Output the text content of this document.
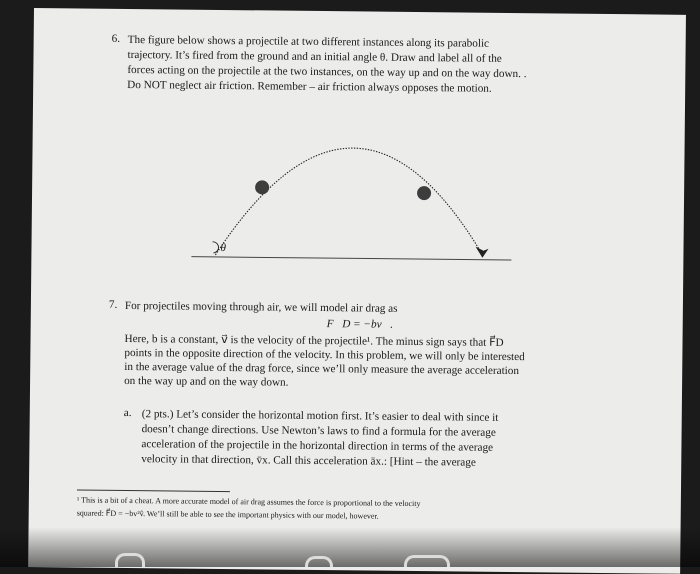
6. The figure below shows a projectile at two different instances along its parabolic
trajectory. It’s fired from the ground and an initial angle θ. Draw and label all of the
forces acting on the projectile at the two instances, on the way up and on the way down. .
Do NOT neglect air friction. Remember – air friction always opposes the motion.
θ
7. For projectiles moving through air, we will model air drag as
F⃗D = −bv⃗.
Here, b is a constant, v⃗ is the velocity of the projectile¹. The minus sign says that F⃗D
points in the opposite direction of the velocity. In this problem, we will only be interested
in the average value of the drag force, since we’ll only measure the average acceleration
on the way up and on the way down.
a. (2 pts.) Let’s consider the horizontal motion first. It’s easier to deal with since it
doesn’t change directions. Use Newton’s laws to find a formula for the average
acceleration of the projectile in the horizontal direction in terms of the average
velocity in that direction, v̄x. Call this acceleration āx.: [Hint – the average
¹ This is a bit of a cheat. A more accurate model of air drag assumes the force is proportional to the velocity
squared: F⃗D = −bv²v̂. We’ll still be able to see the important physics with our model, however.
